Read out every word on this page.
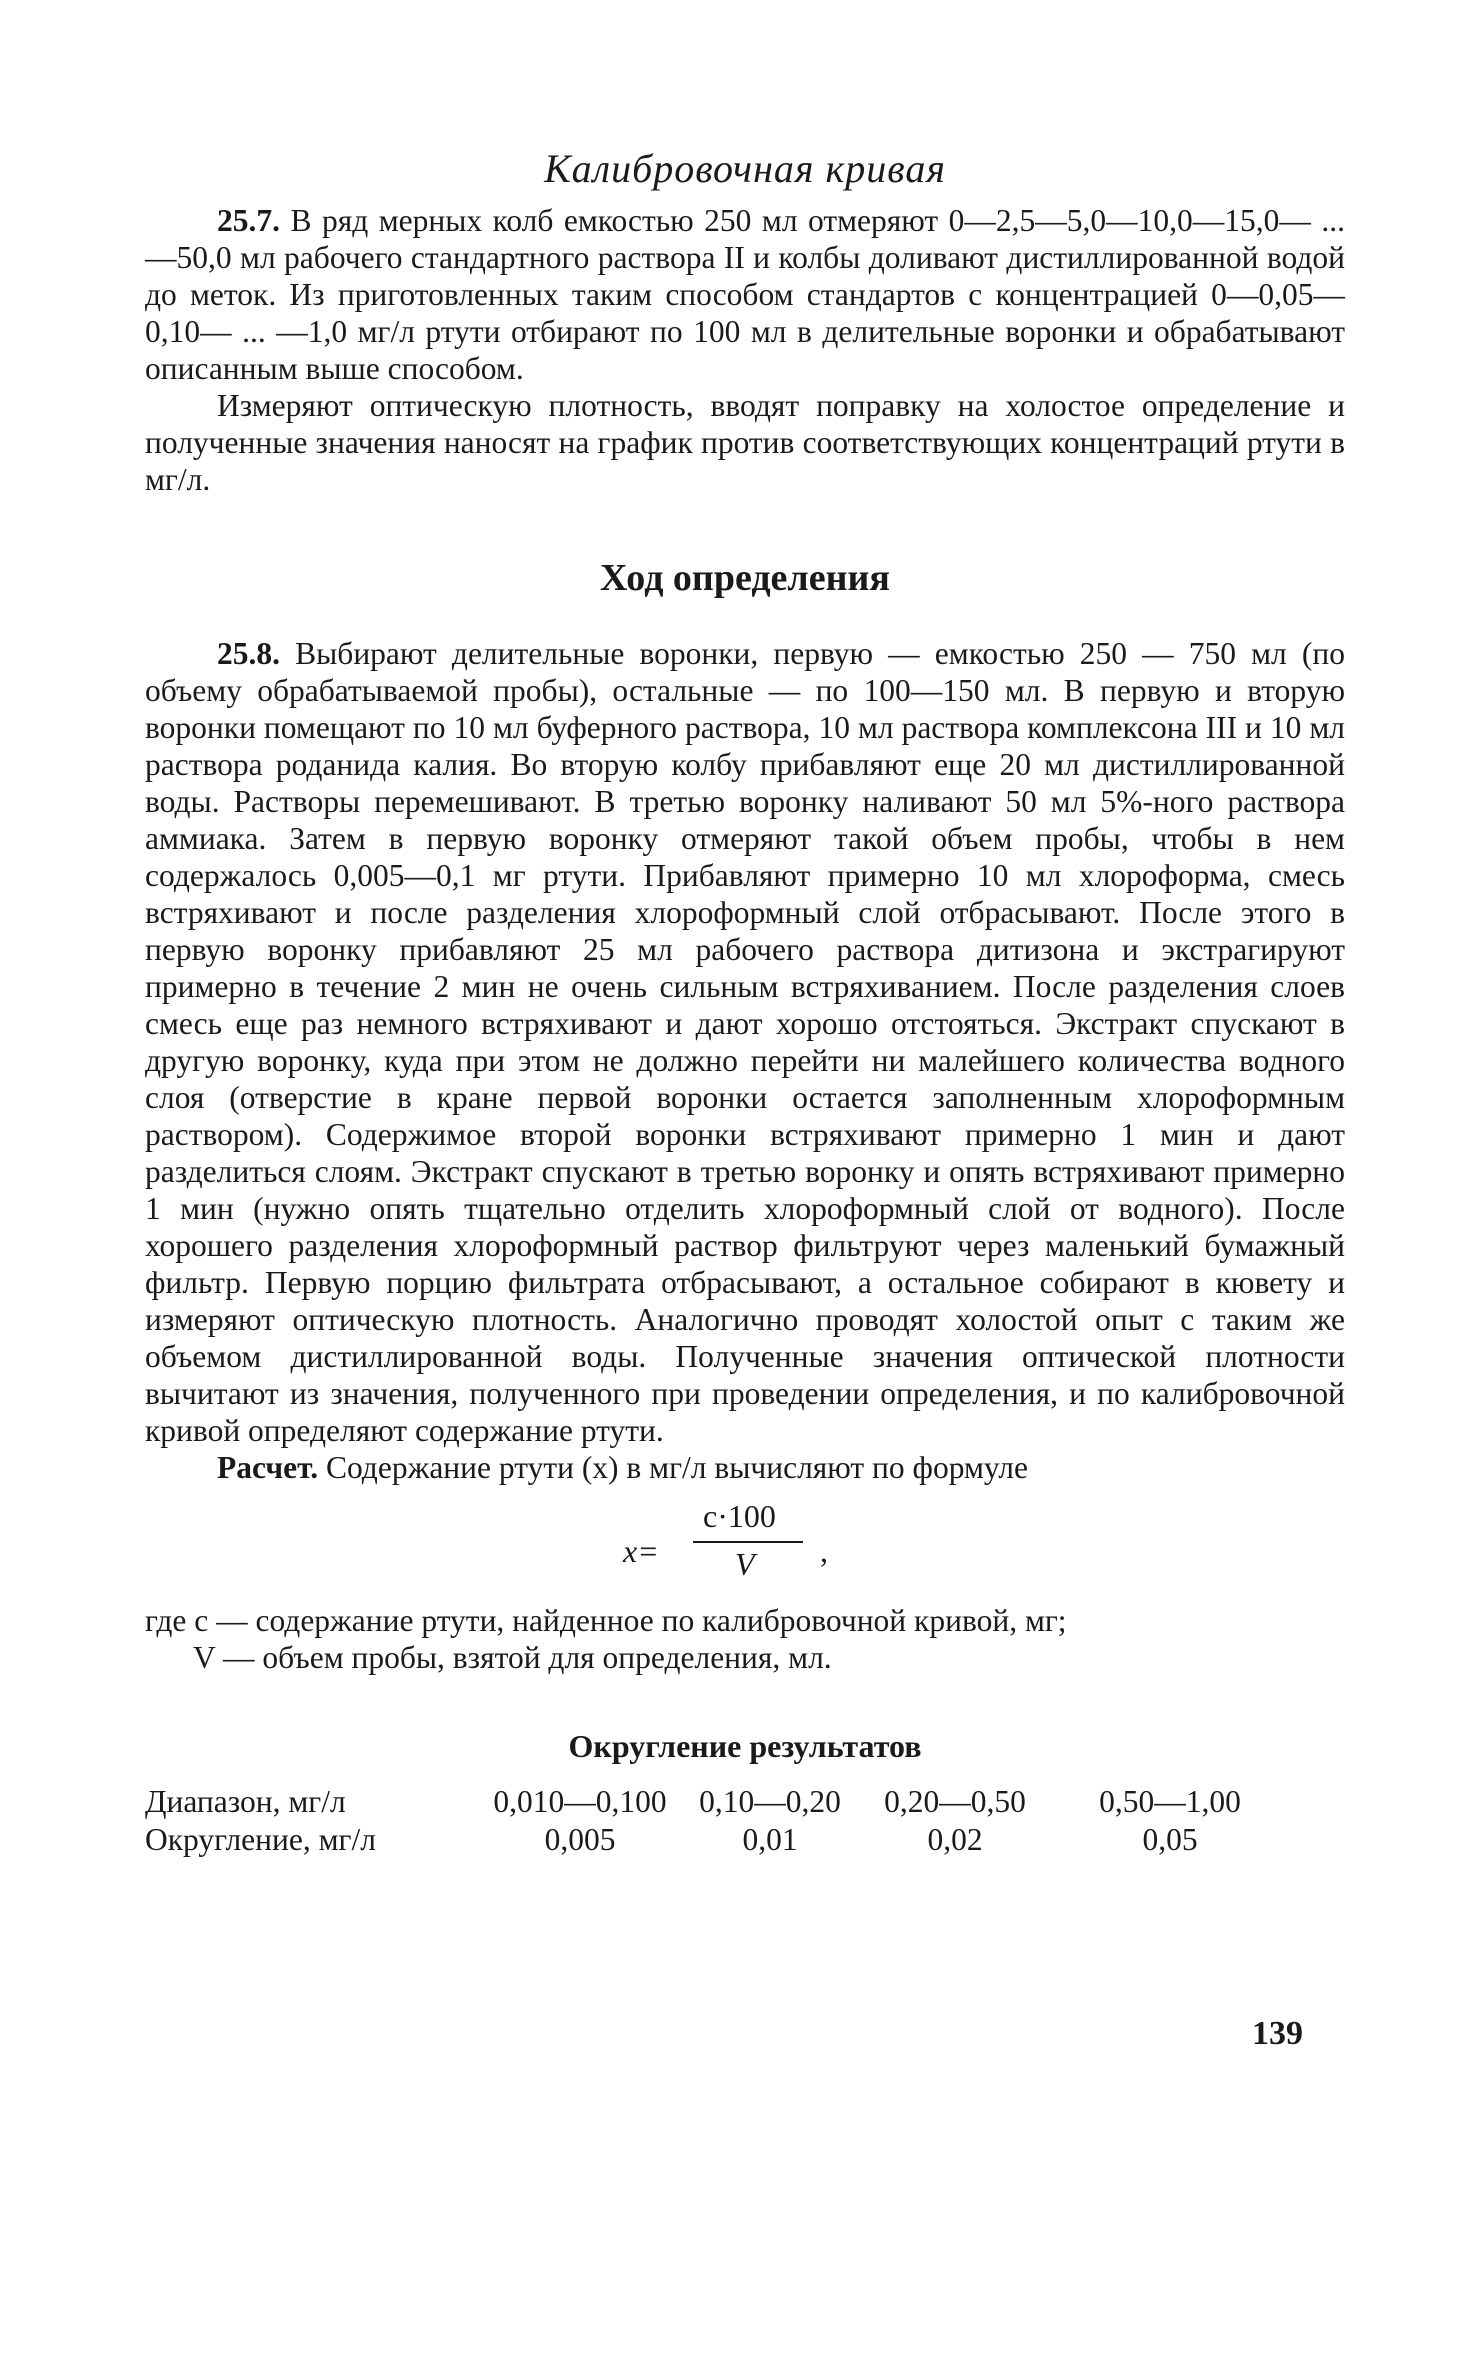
Калибровочная кривая

25.7. В ряд мерных колб емкостью 250 мл отмеряют 0—2,5—5,0—10,0—15,0— ... —50,0 мл рабочего стандартного раствора II и колбы доливают дистиллированной водой до меток. Из приготовленных таким способом стандартов с концентрацией 0—0,05—0,10— ... —1,0 мг/л ртути отбирают по 100 мл в делительные воронки и обрабатывают описанным выше способом.

Измеряют оптическую плотность, вводят поправку на холостое определение и полученные значения наносят на график против соответствующих концентраций ртути в мг/л.

Ход определения

25.8. Выбирают делительные воронки, первую — емкостью 250 — 750 мл (по объему обрабатываемой пробы), остальные — по 100—150 мл. В первую и вторую воронки помещают по 10 мл буферного раствора, 10 мл раствора комплексона III и 10 мл раствора роданида калия. Во вторую колбу прибавляют еще 20 мл дистиллированной воды. Растворы перемешивают. В третью воронку наливают 50 мл 5%-ного раствора аммиака. Затем в первую воронку отмеряют такой объем пробы, чтобы в нем содержалось 0,005—0,1 мг ртути. Прибавляют примерно 10 мл хлороформа, смесь встряхивают и после разделения хлороформный слой отбрасывают. После этого в первую воронку прибавляют 25 мл рабочего раствора дитизона и экстрагируют примерно в течение 2 мин не очень сильным встряхиванием. После разделения слоев смесь еще раз немного встряхивают и дают хорошо отстояться. Экстракт спускают в другую воронку, куда при этом не должно перейти ни малейшего количества водного слоя (отверстие в кране первой воронки остается заполненным хлороформным раствором). Содержимое второй воронки встряхивают примерно 1 мин и дают разделиться слоям. Экстракт спускают в третью воронку и опять встряхивают примерно 1 мин (нужно опять тщательно отделить хлороформный слой от водного). После хорошего разделения хлороформный раствор фильтруют через маленький бумажный фильтр. Первую порцию фильтрата отбрасывают, а остальное собирают в кювету и измеряют оптическую плотность. Аналогично проводят холостой опыт с таким же объемом дистиллированной воды. Полученные значения оптической плотности вычитают из значения, полученного при проведении определения, и по калибровочной кривой определяют содержание ртути.

Расчет. Содержание ртути (x) в мг/л вычисляют по формуле

x=
c·100
V ,
где c — содержание ртути, найденное по калибровочной кривой, мг;
V — объем пробы, взятой для определения, мл.
Округление результатов
Диапазон, мг/л	0,010—0,100	0,10—0,20	0,20—0,50	0,50—1,00
Округление, мг/л	0,005	0,01	0,02	0,05
139
